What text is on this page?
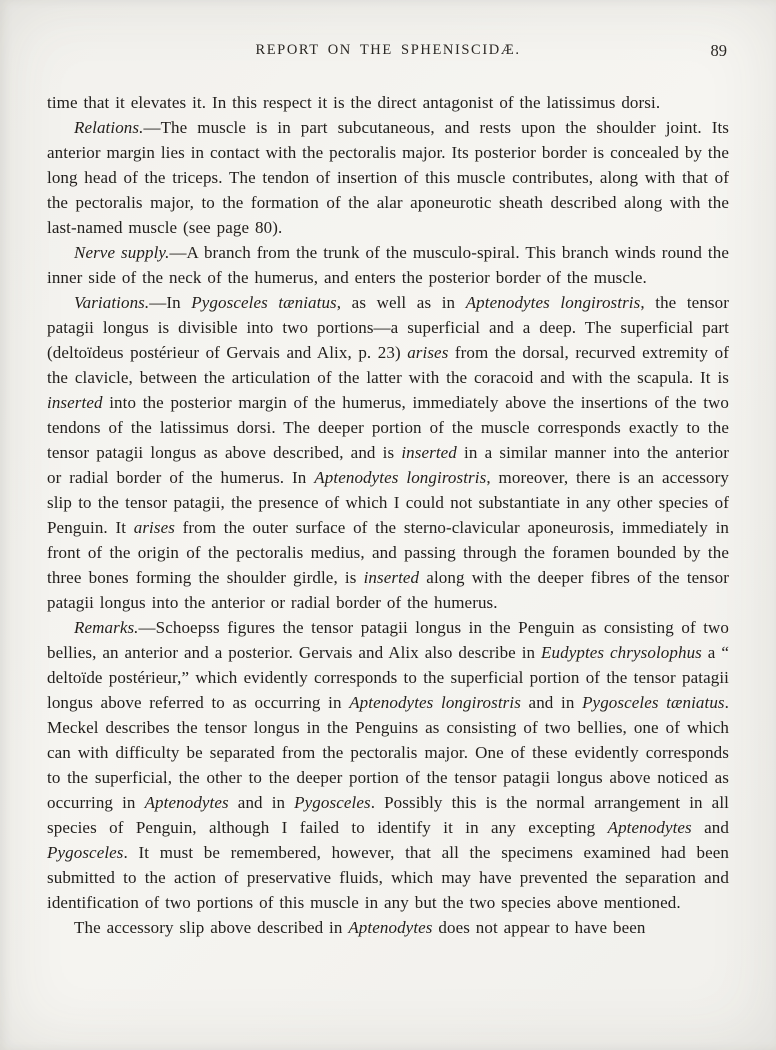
REPORT ON THE SPHENISCIDÆ.	89

time that it elevates it. In this respect it is the direct antagonist of the latissimus dorsi.

Relations.—The muscle is in part subcutaneous, and rests upon the shoulder joint. Its anterior margin lies in contact with the pectoralis major. Its posterior border is concealed by the long head of the triceps. The tendon of insertion of this muscle contributes, along with that of the pectoralis major, to the formation of the alar aponeurotic sheath described along with the last-named muscle (see page 80).

Nerve supply.—A branch from the trunk of the musculo-spiral. This branch winds round the inner side of the neck of the humerus, and enters the posterior border of the muscle.

Variations.—In Pygosceles tæniatus, as well as in Aptenodytes longirostris, the tensor patagii longus is divisible into two portions—a superficial and a deep. The superficial part (deltoïdeus postérieur of Gervais and Alix, p. 23) arises from the dorsal, recurved extremity of the clavicle, between the articulation of the latter with the coracoid and with the scapula. It is inserted into the posterior margin of the humerus, immediately above the insertions of the two tendons of the latissimus dorsi. The deeper portion of the muscle corresponds exactly to the tensor patagii longus as above described, and is inserted in a similar manner into the anterior or radial border of the humerus. In Aptenodytes longirostris, moreover, there is an accessory slip to the tensor patagii, the presence of which I could not substantiate in any other species of Penguin. It arises from the outer surface of the sterno-clavicular aponeurosis, immediately in front of the origin of the pectoralis medius, and passing through the foramen bounded by the three bones forming the shoulder girdle, is inserted along with the deeper fibres of the tensor patagii longus into the anterior or radial border of the humerus.

Remarks.—Schoepss figures the tensor patagii longus in the Penguin as consisting of two bellies, an anterior and a posterior. Gervais and Alix also describe in Eudyptes chrysolophus a “ deltoïde postérieur,” which evidently corresponds to the superficial portion of the tensor patagii longus above referred to as occurring in Aptenodytes longirostris and in Pygosceles tæniatus. Meckel describes the tensor longus in the Penguins as consisting of two bellies, one of which can with difficulty be separated from the pectoralis major. One of these evidently corresponds to the superficial, the other to the deeper portion of the tensor patagii longus above noticed as occurring in Aptenodytes and in Pygosceles. Possibly this is the normal arrangement in all species of Penguin, although I failed to identify it in any excepting Aptenodytes and Pygosceles. It must be remembered, however, that all the specimens examined had been submitted to the action of preservative fluids, which may have prevented the separation and identification of two portions of this muscle in any but the two species above mentioned.

The accessory slip above described in Aptenodytes does not appear to have been
